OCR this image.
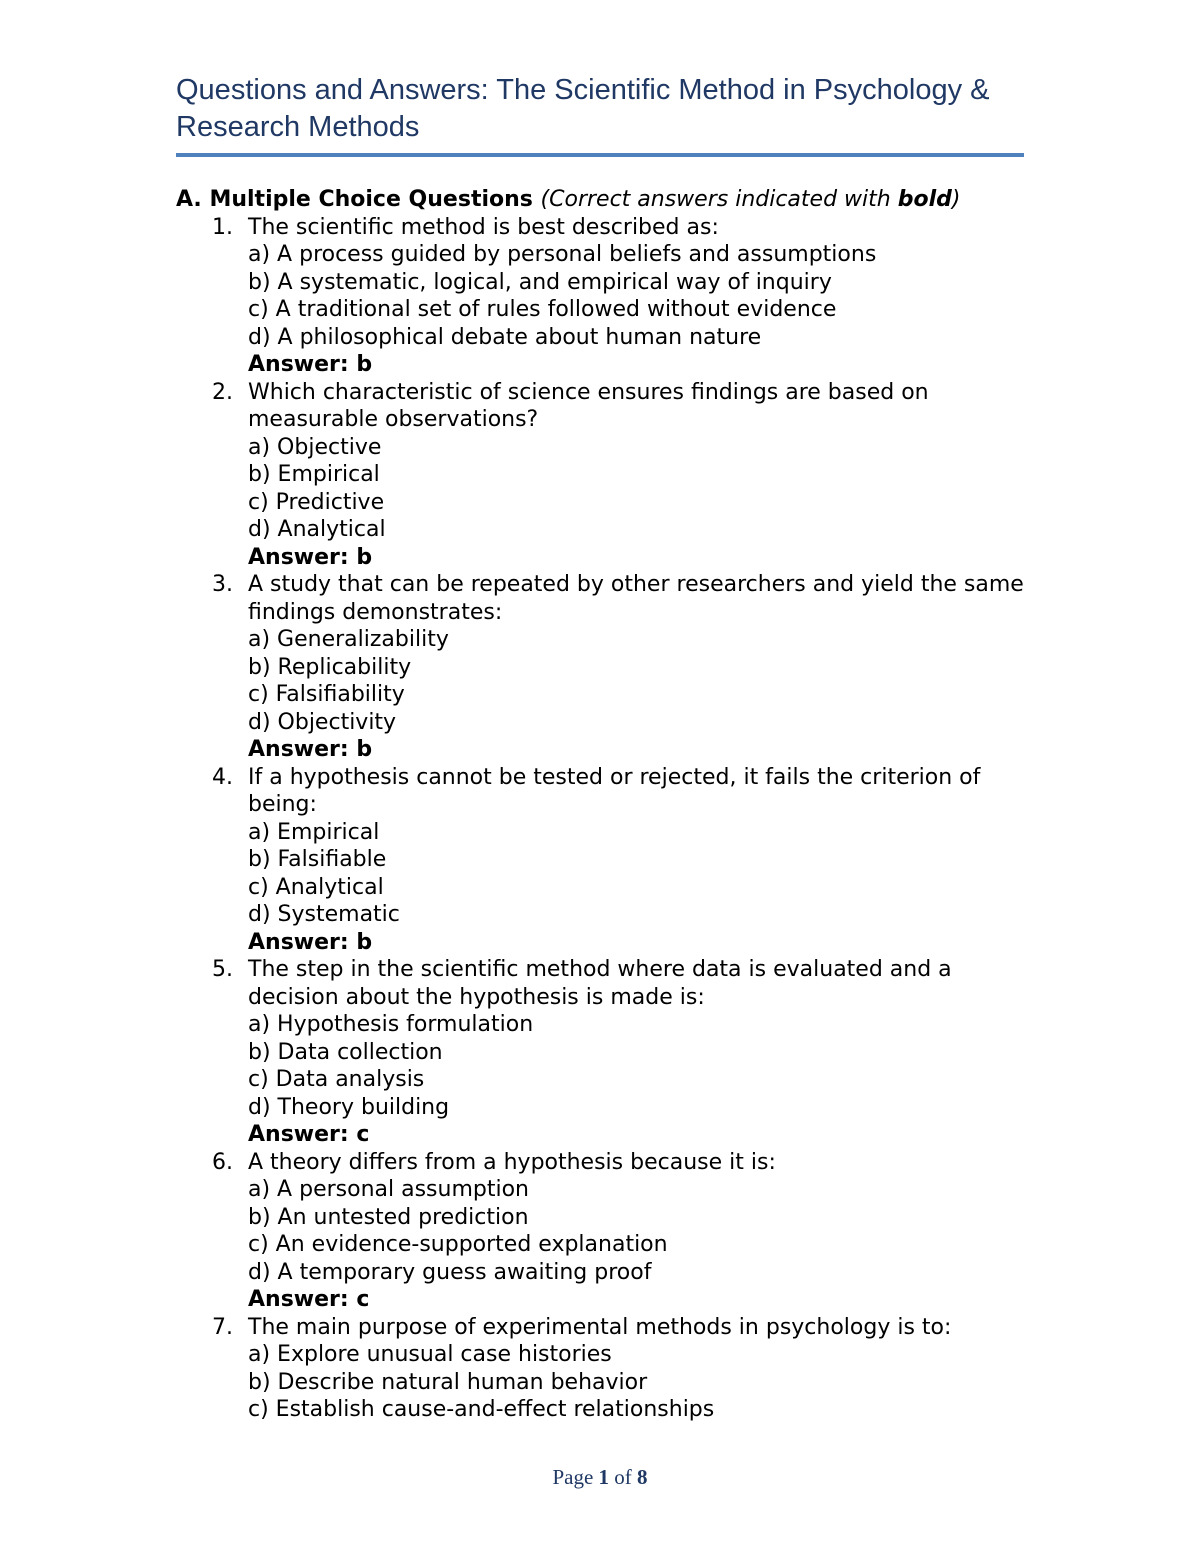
Questions and Answers: The Scientific Method in Psychology & Research Methods

A. Multiple Choice Questions (Correct answers indicated with bold)

1. The scientific method is best described as:
a) A process guided by personal beliefs and assumptions
b) A systematic, logical, and empirical way of inquiry
c) A traditional set of rules followed without evidence
d) A philosophical debate about human nature
Answer: b
2. Which characteristic of science ensures findings are based on measurable observations?
a) Objective
b) Empirical
c) Predictive
d) Analytical
Answer: b
3. A study that can be repeated by other researchers and yield the same findings demonstrates:
a) Generalizability
b) Replicability
c) Falsifiability
d) Objectivity
Answer: b
4. If a hypothesis cannot be tested or rejected, it fails the criterion of being:
a) Empirical
b) Falsifiable
c) Analytical
d) Systematic
Answer: b
5. The step in the scientific method where data is evaluated and a decision about the hypothesis is made is:
a) Hypothesis formulation
b) Data collection
c) Data analysis
d) Theory building
Answer: c
6. A theory differs from a hypothesis because it is:
a) A personal assumption
b) An untested prediction
c) An evidence-supported explanation
d) A temporary guess awaiting proof
Answer: c
7. The main purpose of experimental methods in psychology is to:
a) Explore unusual case histories
b) Describe natural human behavior
c) Establish cause-and-effect relationships
Page 1 of 8
